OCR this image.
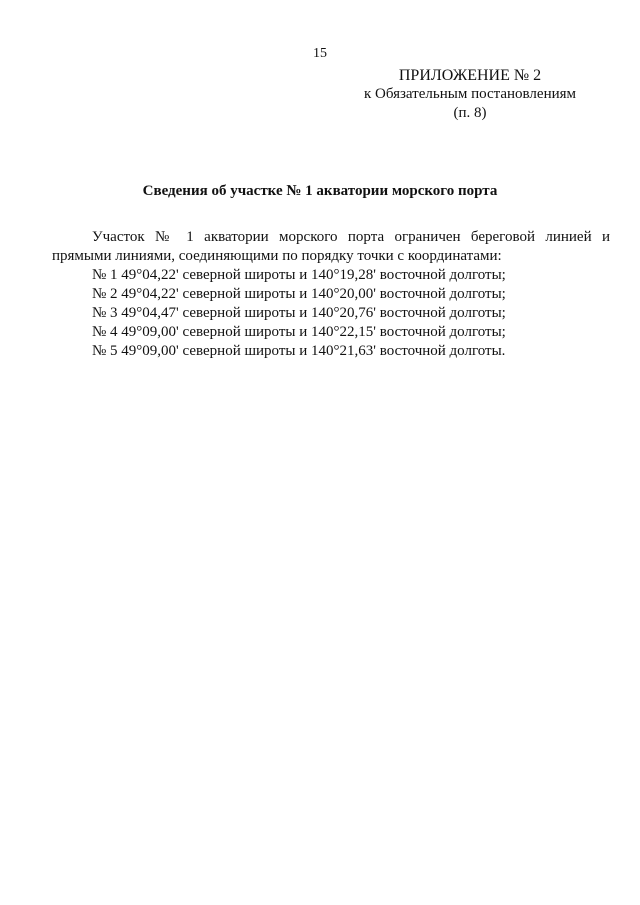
15
ПРИЛОЖЕНИЕ № 2
к Обязательным постановлениям
(п. 8)
Сведения об участке № 1 акватории морского порта
Участок № 1 акватории морского порта ограничен береговой линией и
прямыми линиями, соединяющими по порядку точки с координатами:
№ 1 49°04,22' северной широты и 140°19,28' восточной долготы;
№ 2 49°04,22' северной широты и 140°20,00' восточной долготы;
№ 3 49°04,47' северной широты и 140°20,76' восточной долготы;
№ 4 49°09,00' северной широты и 140°22,15' восточной долготы;
№ 5 49°09,00' северной широты и 140°21,63' восточной долготы.
